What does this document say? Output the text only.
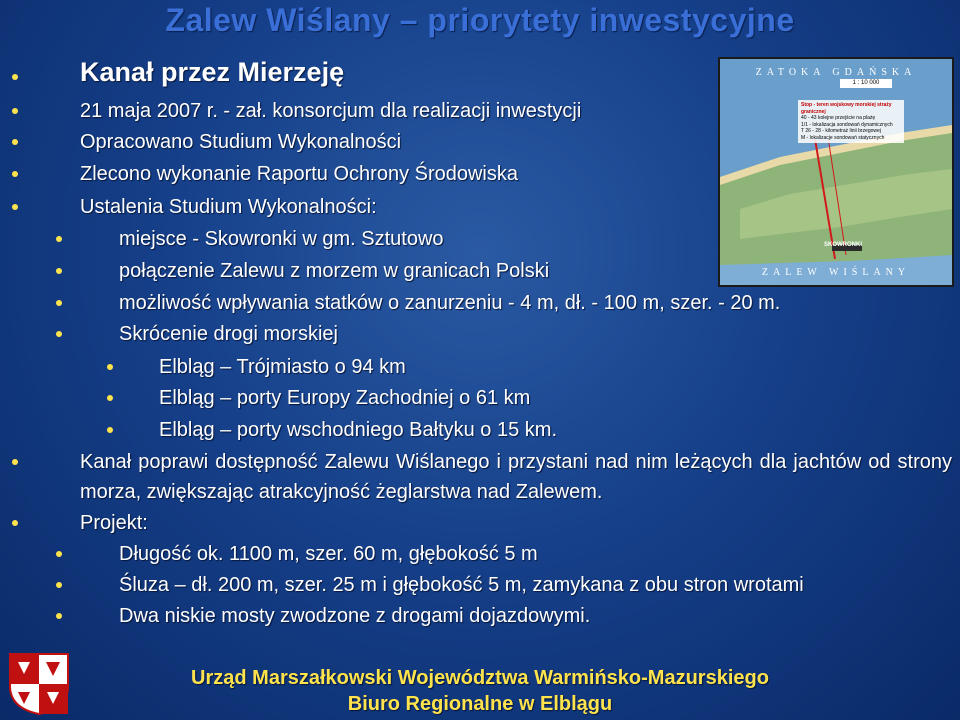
Zalew Wiślany – priorytety inwestycyjne
Kanał przez Mierzeję
21 maja 2007 r. - zał. konsorcjum dla realizacji inwestycji
Opracowano Studium Wykonalności
Zlecono wykonanie Raportu Ochrony Środowiska
Ustalenia Studium Wykonalności:
miejsce - Skowronki w gm. Sztutowo
połączenie Zalewu z morzem w granicach Polski
możliwość wpływania statków o zanurzeniu - 4 m, dł. - 100 m, szer. - 20 m.
Skrócenie drogi morskiej
Elbląg – Trójmiasto o 94 km
Elbląg – porty Europy Zachodniej o 61 km
Elbląg – porty wschodniego Bałtyku o 15 km.
Kanał poprawi dostępność Zalewu Wiślanego i przystani nad nim leżących dla jachtów od strony morza, zwiększając atrakcyjność żeglarstwa nad Zalewem.
Projekt:
Długość ok. 1100 m, szer. 60 m, głębokość 5 m
Śluza – dł. 200 m, szer. 25 m i głębokość 5 m, zamykana z obu stron wrotami
Dwa niskie mosty zwodzone z drogami dojazdowymi.
ZATOKA GDAŃSKA
1 : 10 000
Stop - teren wojskowy morskiej straży granicznej
40 - 43 kolejne przejście na plażę
1/1 - lokalizacja sondowań dynamicznych
T 26 - 28 - kilometraż linii brzegowej
M - lokalizacje sondowań statycznych
SKOWRONKI
ZALEW WIŚLANY
Urząd Marszałkowski Województwa Warmińsko-Mazurskiego
Biuro Regionalne w Elblągu
